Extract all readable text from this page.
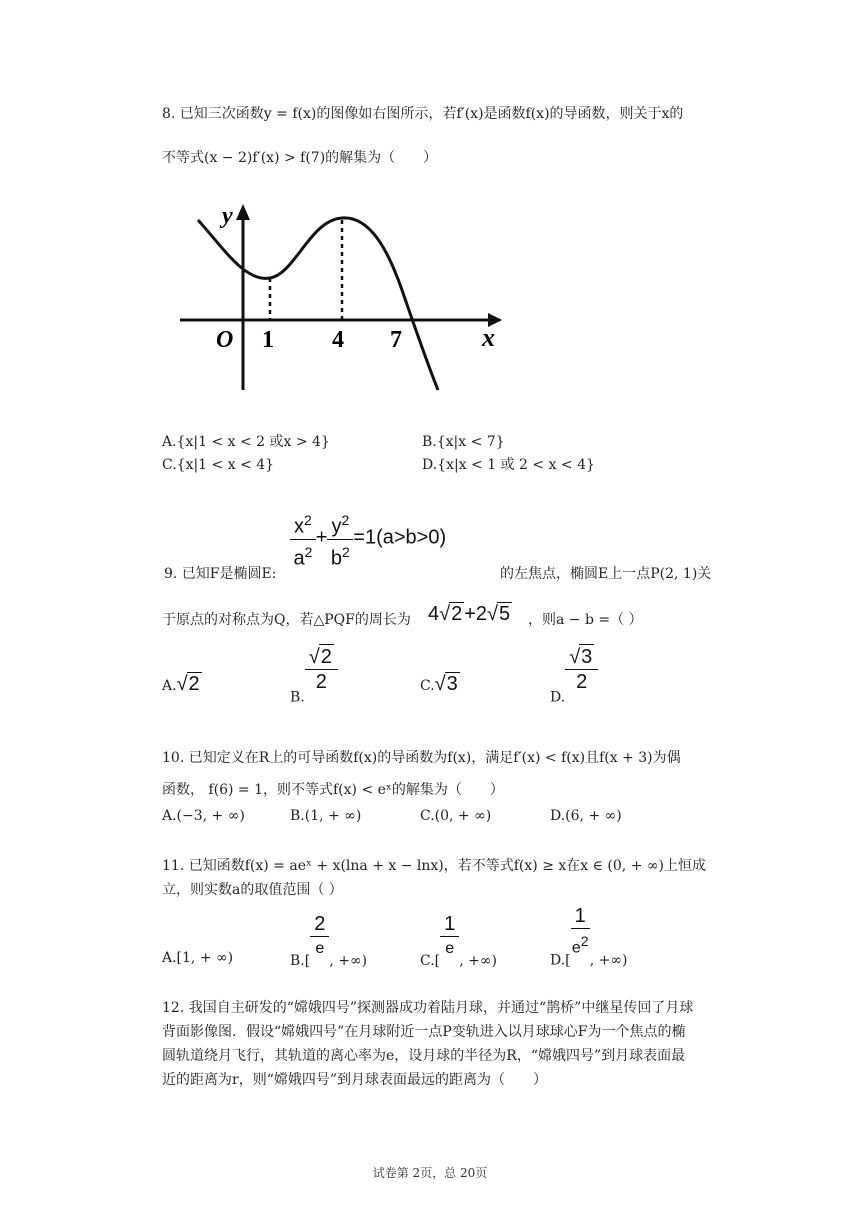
8. 已知三次函数y = f(x)的图像如右图所示，若f′(x)是函数f(x)的导函数，则关于x的
不等式(x − 2)f′(x) > f(7)的解集为（　　）
y
x
O 1 4 7
A.{x|1 < x < 2 或x > 4}	B.{x|x < 7}
C.{x|1 < x < 4}	D.{x|x < 1 或 2 < x < 4}
$\frac{x^2}{a^2} + \frac{y^2}{b^2} =1(a>b>0)$
9. 已知F是椭圆E:	的左焦点，椭圆E上一点P(2, 1)关
于原点的对称点为Q，若△PQF的周长为 4√2 +2√5 ，则a − b =（ ）
A.√2
B.
$\frac{√2}{2}$	C.√3
D.
$\frac{√3}{2}$
10. 已知定义在R上的可导函数f(x)的导函数为f(x)，满足f′(x) < f(x)且f(x + 3)为偶
函数， f(6) = 1，则不等式f(x) < eˣ的解集为（　　）
A.(−3, + ∞)	B.(1, + ∞)	C.(0, + ∞)	D.(6, + ∞)
11. 已知函数f(x) = aeˣ + x(lna + x − lnx)，若不等式f(x) ≥ x在x ∈ (0, + ∞)上恒成
立，则实数a的取值范围（ ）
A.[1, + ∞)	$B.[ \frac{2}{e}$ , +∞)	$C.[ \frac{1}{e}$ , +∞)	D.[
$\frac{1}{e^2}$
, +∞)
12. 我国自主研发的“嫦娥四号”探测器成功着陆月球，并通过“鹊桥”中继星传回了月球
背面影像图．假设“嫦娥四号”在月球附近一点P变轨进入以月球球心F为一个焦点的椭
圆轨道绕月飞行，其轨道的离心率为e，设月球的半径为R，“嫦娥四号”到月球表面最
近的距离为r，则“嫦娥四号”到月球表面最远的距离为（　　）
试卷第 2页，总 20页
